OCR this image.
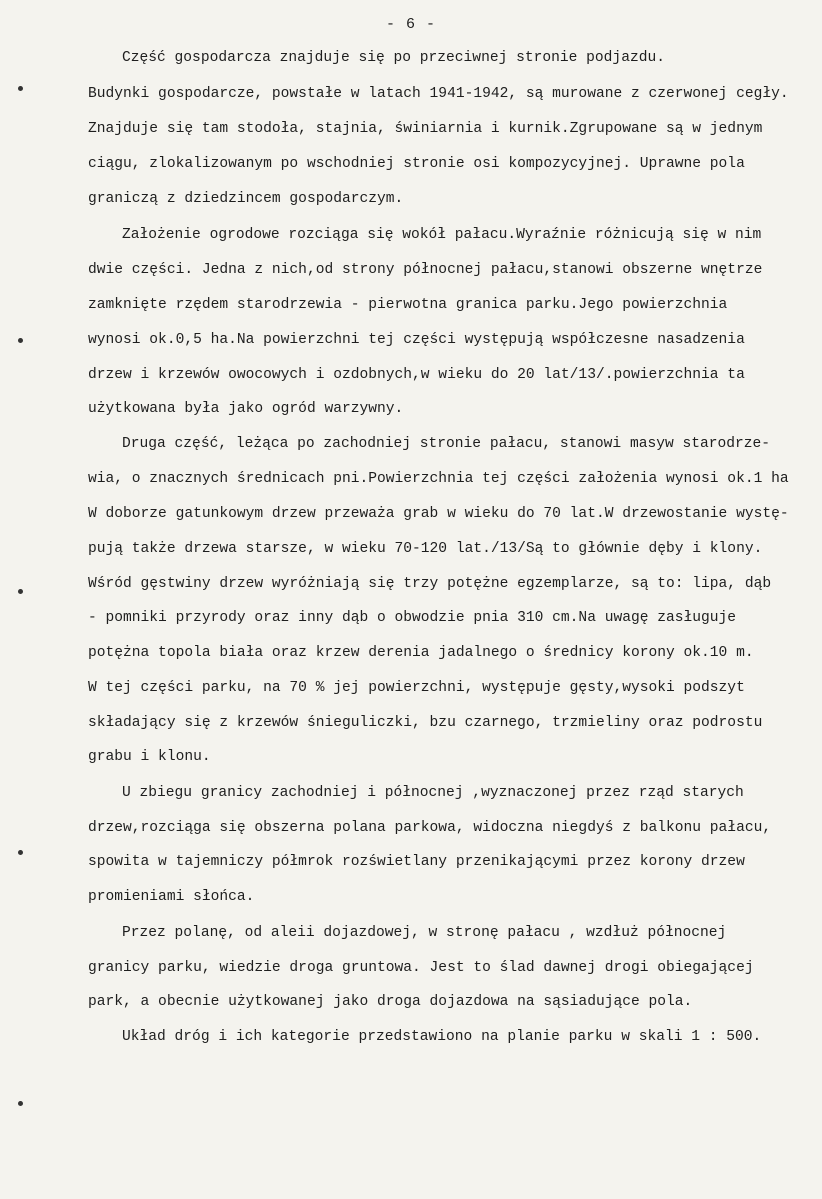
- 6 -
Część gospodarcza znajduje się po przeciwnej stronie podjazdu.
Budynki gospodarcze, powstałe w latach 1941-1942, są murowane z czerwonej cegły.
Znajduje się tam stodoła, stajnia, świniarnia i kurnik.Zgrupowane są w jednym
ciągu, zlokalizowanym po wschodniej stronie osi kompozycyjnej. Uprawne pola
graniczą z dziedzincem gospodarczym.
Założenie ogrodowe rozciąga się wokół pałacu.Wyraźnie różnicują się w nim
dwie części. Jedna z nich,od strony północnej pałacu,stanowi obszerne wnętrze
zamknięte rzędem starodrzewia - pierwotna granica parku.Jego powierzchnia
wynosi ok.0,5 ha.Na powierzchni tej części występują współczesne nasadzenia
drzew i krzewów owocowych i ozdobnych,w wieku do 20 lat/13/.powierzchnia ta
użytkowana była jako ogród warzywny.
Druga część, leżąca po zachodniej stronie pałacu, stanowi masyw starodrze-
wia, o znacznych średnicach pni.Powierzchnia tej części założenia wynosi ok.1 ha
W doborze gatunkowym drzew przeważa grab w wieku do 70 lat.W drzewostanie wystę-
pują także drzewa starsze, w wieku 70-120 lat./13/Są to głównie dęby i klony.
Wśród gęstwiny drzew wyróżniają się trzy potężne egzemplarze, są to: lipa, dąb
- pomniki przyrody oraz inny dąb o obwodzie pnia 310 cm.Na uwagę zasługuje
potężna topola biała oraz krzew derenia jadalnego o średnicy korony ok.10 m.
W tej części parku, na 70 % jej powierzchni, występuje gęsty,wysoki podszyt
składający się z krzewów śnieguliczki, bzu czarnego, trzmieliny oraz podrostu
grabu i klonu.
U zbiegu granicy zachodniej i północnej ,wyznaczonej przez rząd starych
drzew,rozciąga się obszerna polana parkowa, widoczna niegdyś z balkonu pałacu,
spowita w tajemniczy półmrok rozświetlany przenikającymi przez korony drzew
promieniami słońca.
Przez polanę, od aleii dojazdowej, w stronę pałacu , wzdłuż północnej
granicy parku, wiedzie droga gruntowa. Jest to ślad dawnej drogi obiegającej
park, a obecnie użytkowanej jako droga dojazdowa na sąsiadujące pola.
Układ dróg i ich kategorie przedstawiono na planie parku w skali 1 : 500.
